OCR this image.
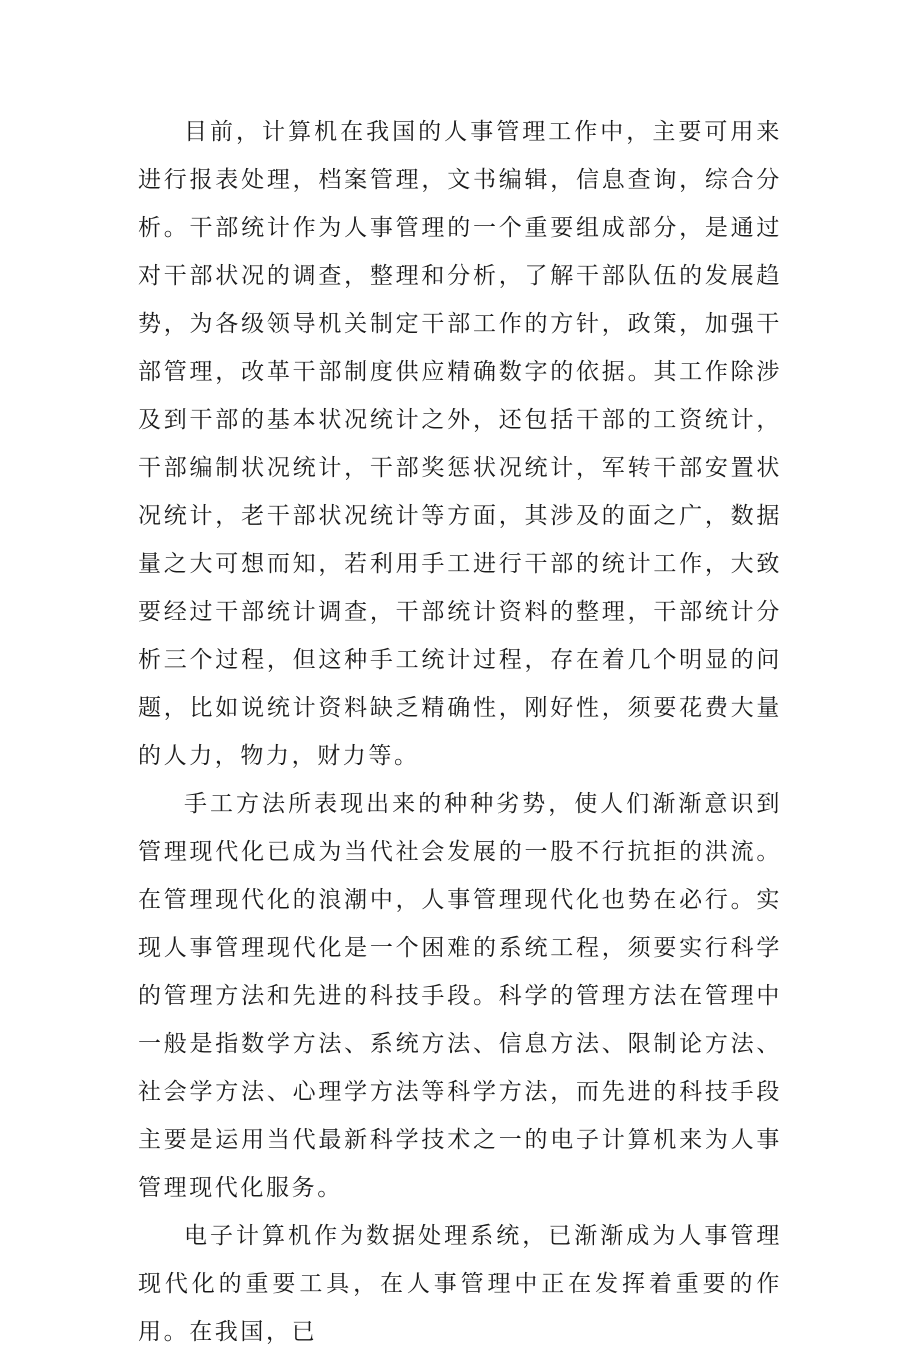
目前，计算机在我国的人事管理工作中，主要可用来进行报表处理，档案管理，文书编辑，信息查询，综合分析。干部统计作为人事管理的一个重要组成部分，是通过对干部状况的调查，整理和分析，了解干部队伍的发展趋势，为各级领导机关制定干部工作的方针，政策，加强干部管理，改革干部制度供应精确数字的依据。其工作除涉及到干部的基本状况统计之外，还包括干部的工资统计，干部编制状况统计，干部奖惩状况统计，军转干部安置状况统计，老干部状况统计等方面，其涉及的面之广，数据量之大可想而知，若利用手工进行干部的统计工作，大致要经过干部统计调查，干部统计资料的整理，干部统计分析三个过程，但这种手工统计过程，存在着几个明显的问题，比如说统计资料缺乏精确性，刚好性，须要花费大量的人力，物力，财力等。

手工方法所表现出来的种种劣势，使人们渐渐意识到管理现代化已成为当代社会发展的一股不行抗拒的洪流。在管理现代化的浪潮中，人事管理现代化也势在必行。实现人事管理现代化是一个困难的系统工程，须要实行科学的管理方法和先进的科技手段。科学的管理方法在管理中一般是指数学方法、系统方法、信息方法、限制论方法、社会学方法、心理学方法等科学方法，而先进的科技手段主要是运用当代最新科学技术之一的电子计算机来为人事管理现代化服务。

电子计算机作为数据处理系统，已渐渐成为人事管理现代化的重要工具，在人事管理中正在发挥着重要的作用。在我国，已
